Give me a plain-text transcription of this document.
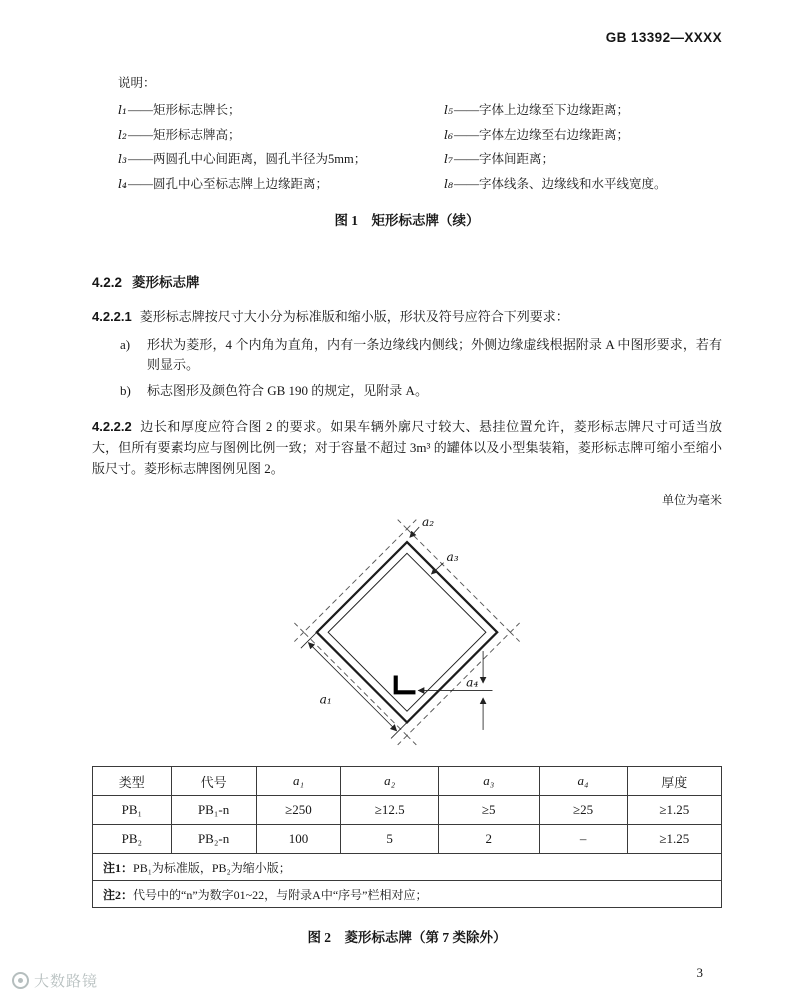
GB 13392—XXXX
说明：
l₁——矩形标志牌长；
l₂——矩形标志牌高；
l₃——两圆孔中心间距离，圆孔半径为5mm；
l₄——圆孔中心至标志牌上边缘距离；
l₅——字体上边缘至下边缘距离；
l₆——字体左边缘至右边缘距离；
l₇——字体间距离；
l₈——字体线条、边缘线和水平线宽度。
图 1　矩形标志牌（续）
4.2.2 菱形标志牌

4.2.2.1 菱形标志牌按尺寸大小分为标准版和缩小版，形状及符号应符合下列要求：

a)	形状为菱形，4 个内角为直角，内有一条边缘线内侧线；外侧边缘虚线根据附录 A 中图形要求，若有则显示。
b)	标志图形及颜色符合 GB 190 的规定，见附录 A。

4.2.2.2 边长和厚度应符合图 2 的要求。如果车辆外廓尺寸较大、悬挂位置允许，菱形标志牌尺寸可适当放大，但所有要素均应与图例比例一致；对于容量不超过 3m³ 的罐体以及小型集装箱，菱形标志牌可缩小至缩小版尺寸。菱形标志牌图例见图 2。

单位为毫米
a₁
a₂
a₃
a₄
类型	代号	a₁	a₂	a₃	a₄	厚度
PB₁	PB₁-n	≥250	≥12.5	≥5	≥25	≥1.25
PB₂	PB₂-n	100	5	2	–	≥1.25
注1：PB₁为标准版，PB₂为缩小版；						
注2：代号中的“n”为数字01~22，与附录A中“序号”栏相对应；						
图 2　菱形标志牌（第 7 类除外）
3
大数路镜
